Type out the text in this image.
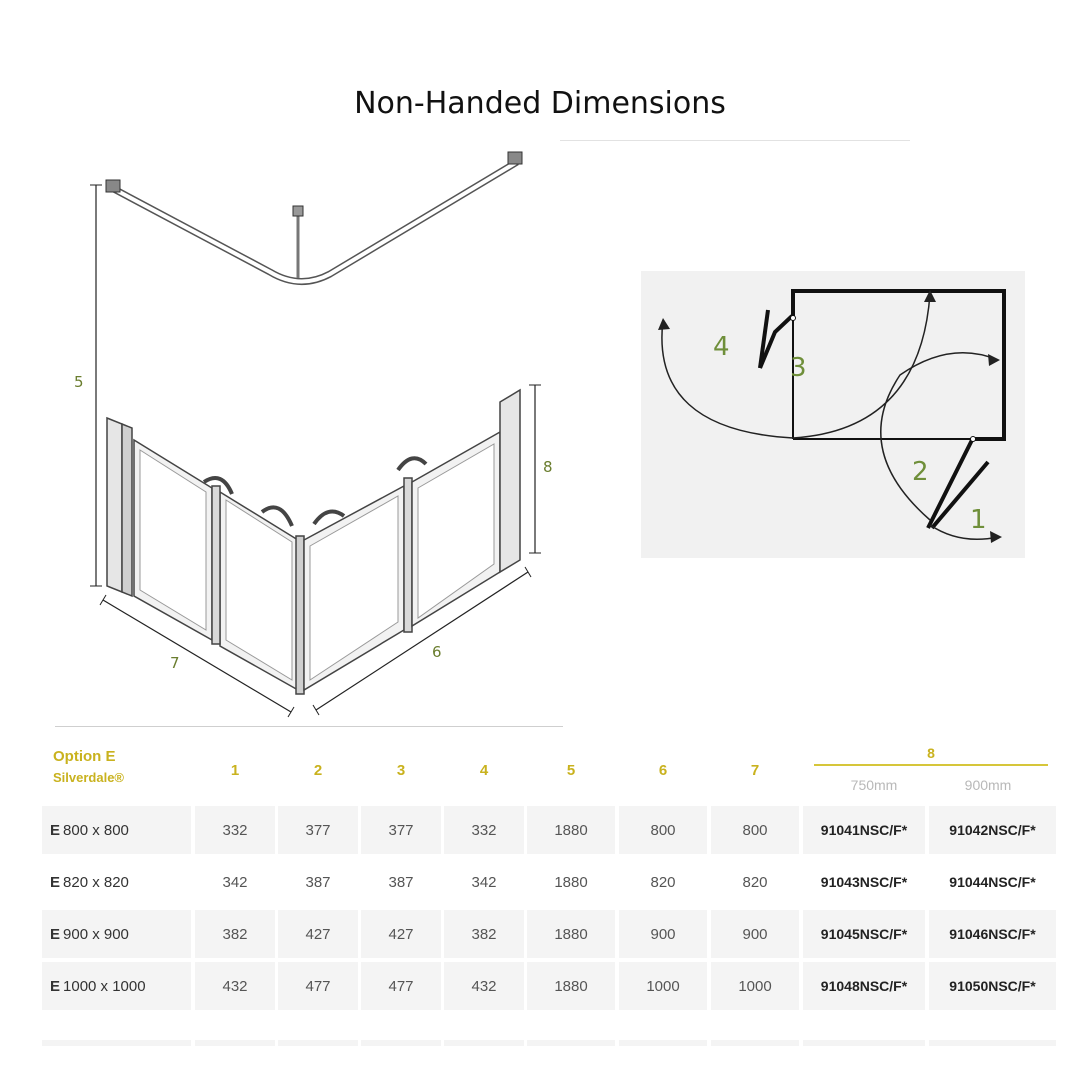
Non-Handed Dimensions
5
8
7
6
1
2
3
4
Option E
Silverdale®	1	2	3	4	5	6	7
8
750mm	900mm
E 800 x 800	332	377	377	332	1880	800	800	91041NSC/F*	91042NSC/F*
E 820 x 820	342	387	387	342	1880	820	820	91043NSC/F*	91044NSC/F*
E 900 x 900	382	427	427	382	1880	900	900	91045NSC/F*	91046NSC/F*
E 1000 x 1000	432	477	477	432	1880	1000	1000	91048NSC/F*	91050NSC/F*
